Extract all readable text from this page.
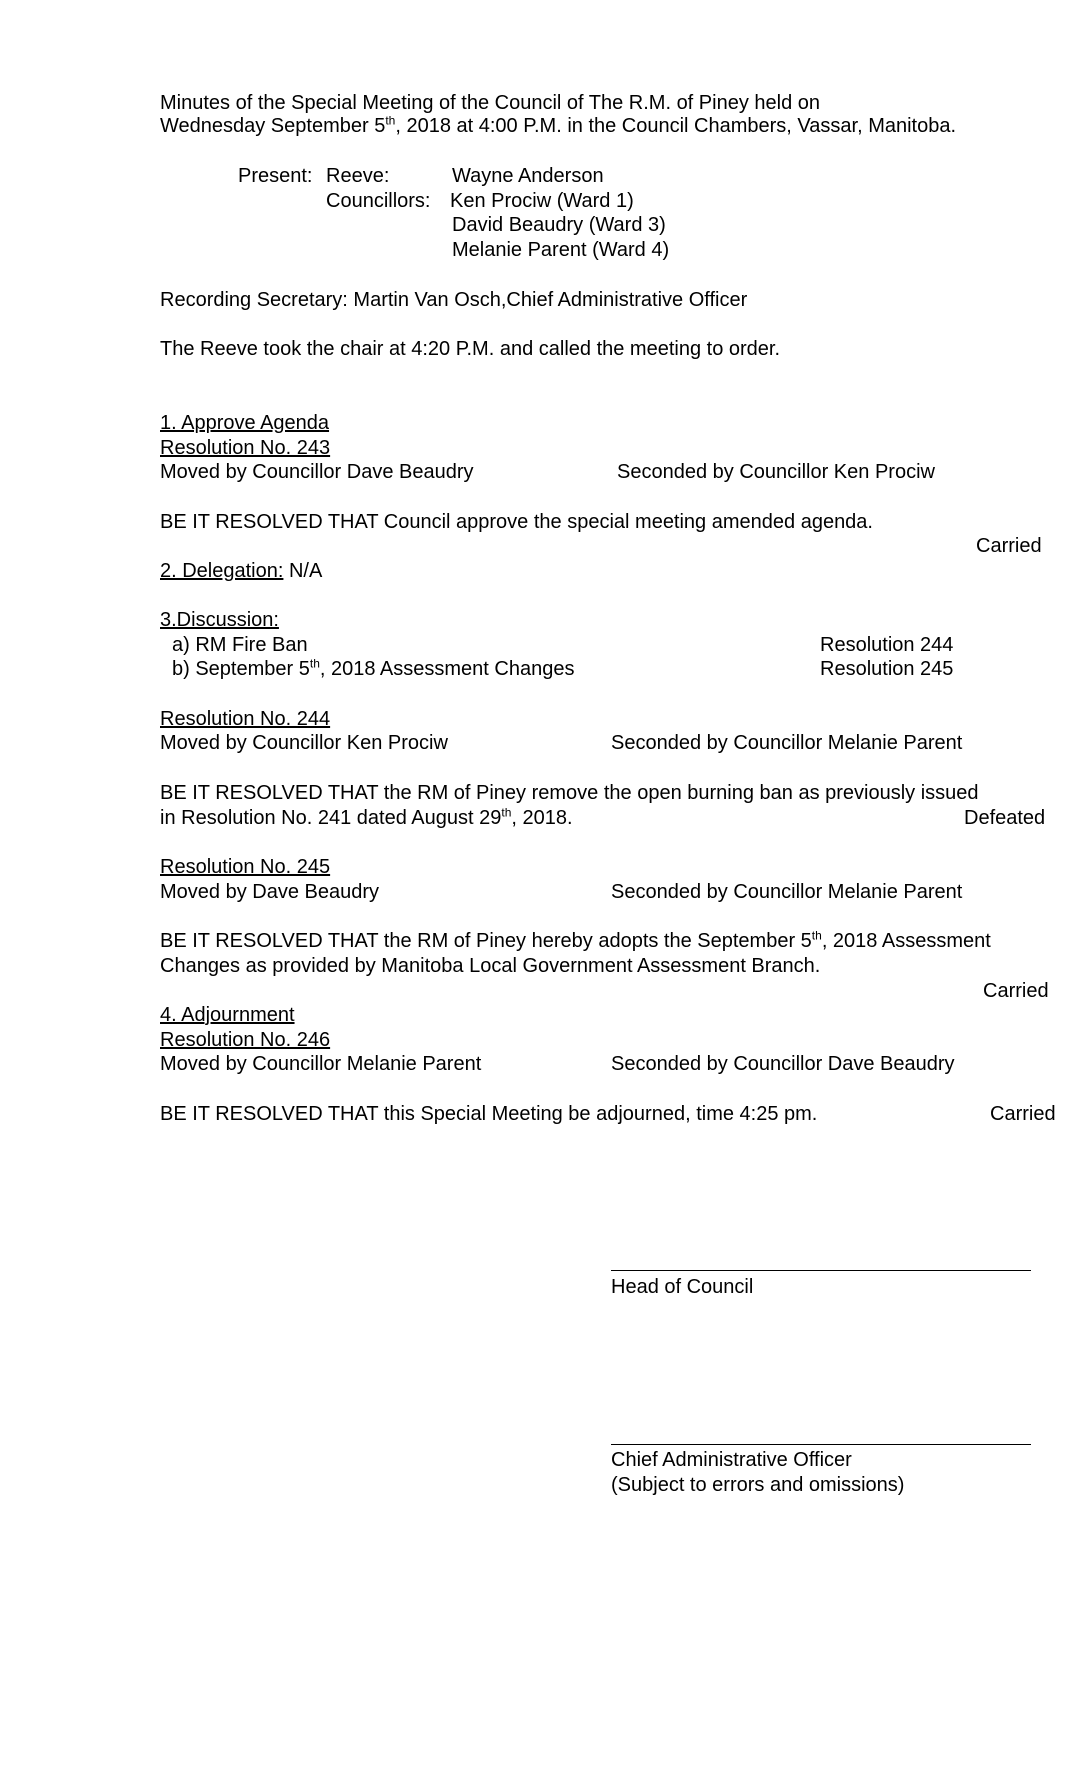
Minutes of the Special Meeting of the Council of The R.M. of Piney held on
Wednesday September 5th, 2018 at 4:00 P.M. in the Council Chambers, Vassar, Manitoba.
Present: Reeve:	Wayne Anderson
Councillors: Ken Prociw (Ward 1)
David Beaudry (Ward 3)
Melanie Parent (Ward 4)
Recording Secretary: Martin Van Osch,Chief Administrative Officer
The Reeve took the chair at 4:20 P.M. and called the meeting to order.
1. Approve Agenda
Resolution No. 243
Moved by Councillor Dave Beaudry	Seconded by Councillor Ken Prociw
BE IT RESOLVED THAT Council approve the special meeting amended agenda.
Carried
2. Delegation: N/A
3.Discussion:
a) RM Fire Ban	Resolution 244
b) September 5th, 2018 Assessment Changes	Resolution 245
Resolution No. 244
Moved by Councillor Ken Prociw	Seconded by Councillor Melanie Parent
BE IT RESOLVED THAT the RM of Piney remove the open burning ban as previously issued
in Resolution No. 241 dated August 29th, 2018.	Defeated
Resolution No. 245
Moved by Dave Beaudry	Seconded by Councillor Melanie Parent
BE IT RESOLVED THAT the RM of Piney hereby adopts the September 5th, 2018 Assessment
Changes as provided by Manitoba Local Government Assessment Branch.
Carried
4. Adjournment
Resolution No. 246
Moved by Councillor Melanie Parent	Seconded by Councillor Dave Beaudry
BE IT RESOLVED THAT this Special Meeting be adjourned, time 4:25 pm.	Carried
Head of Council
Chief Administrative Officer
(Subject to errors and omissions)
